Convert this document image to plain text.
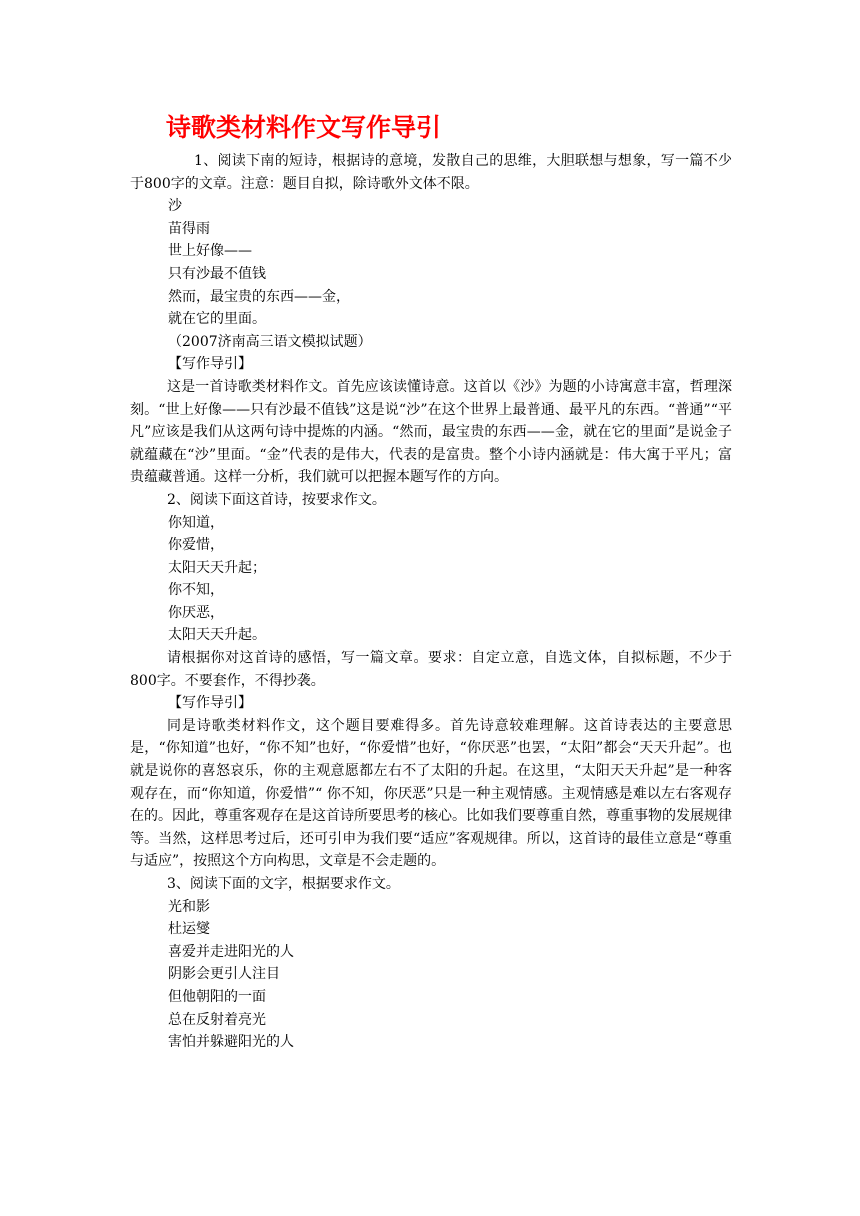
诗歌类材料作文写作导引

1、阅读下南的短诗，根据诗的意境，发散自己的思维，大胆联想与想象，写一篇不少于800字的文章。注意：题目自拟，除诗歌外文体不限。

沙

苗得雨

世上好像——

只有沙最不值钱

然而，最宝贵的东西——金，

就在它的里面。

（2007济南高三语文模拟试题）

【写作导引】

这是一首诗歌类材料作文。首先应该读懂诗意。这首以《沙》为题的小诗寓意丰富，哲理深刻。“世上好像——只有沙最不值钱”这是说“沙”在这个世界上最普通、最平凡的东西。“普通”“平凡”应该是我们从这两句诗中提炼的内涵。“然而，最宝贵的东西——金，就在它的里面”是说金子就蕴藏在“沙”里面。“金”代表的是伟大，代表的是富贵。整个小诗内涵就是：伟大寓于平凡；富贵蕴藏普通。这样一分析，我们就可以把握本题写作的方向。

2、阅读下面这首诗，按要求作文。

你知道，

你爱惜，

太阳天天升起；

你不知，

你厌恶，

太阳天天升起。

请根据你对这首诗的感悟，写一篇文章。要求：自定立意，自选文体，自拟标题，不少于800字。不要套作，不得抄袭。

【写作导引】

同是诗歌类材料作文，这个题目要难得多。首先诗意较难理解。这首诗表达的主要意思是，“你知道”也好，“你不知”也好，“你爱惜”也好，“你厌恶”也罢，“太阳”都会“天天升起”。也就是说你的喜怒哀乐，你的主观意愿都左右不了太阳的升起。在这里，“太阳天天升起”是一种客观存在，而“你知道，你爱惜”“ 你不知，你厌恶”只是一种主观情感。主观情感是难以左右客观存在的。因此，尊重客观存在是这首诗所要思考的核心。比如我们要尊重自然，尊重事物的发展规律等。当然，这样思考过后，还可引申为我们要“适应”客观规律。所以，这首诗的最佳立意是“尊重与适应”，按照这个方向构思，文章是不会走题的。

3、阅读下面的文字，根据要求作文。

光和影

杜运燮

喜爱并走进阳光的人

阴影会更引人注目

但他朝阳的一面

总在反射着亮光

害怕并躲避阳光的人
